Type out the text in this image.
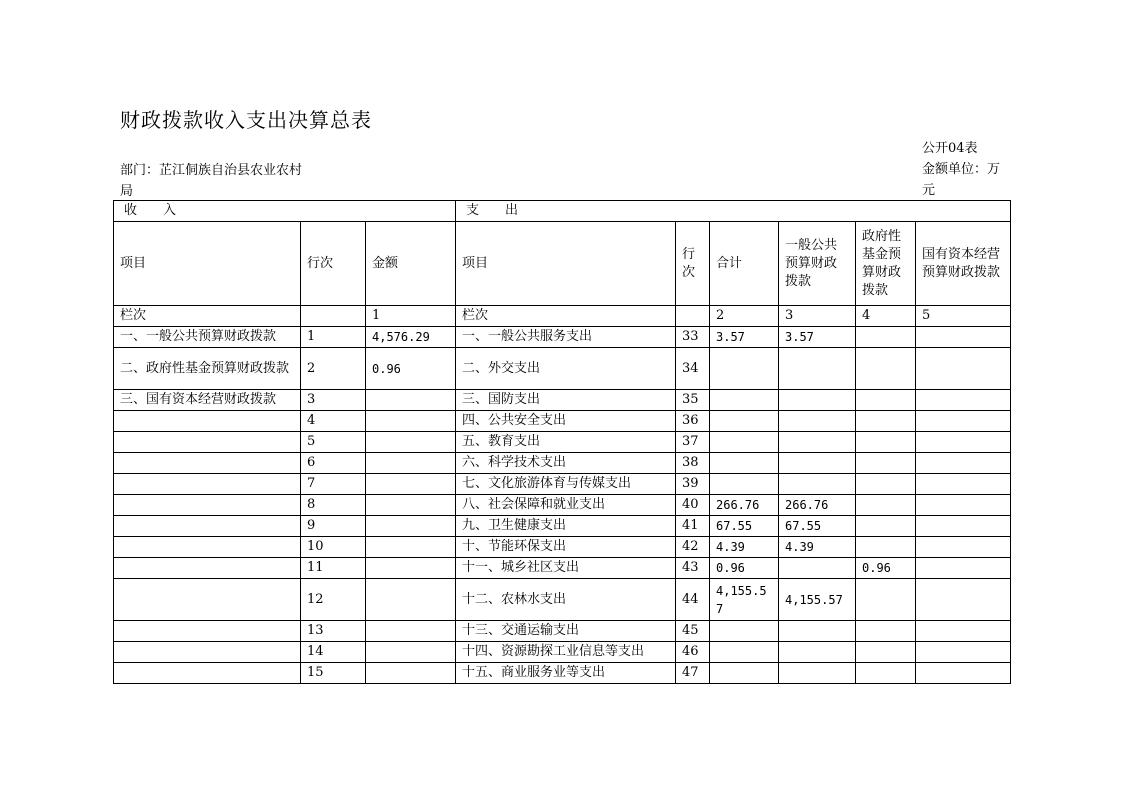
财政拨款收入支出决算总表
部门：芷江侗族自治县农业农村局
公开04表
金额单位：万元
收　　入			支　　出					
项目	行次	金额	项目	行次	合计	一般公共预算财政拨款	政府性基金预算财政拨款	国有资本经营预算财政拨款
栏次		1	栏次		2	3	4	5
一、一般公共预算财政拨款	1	4,576.29	一、一般公共服务支出	33	3.57	3.57		
二、政府性基金预算财政拨款	2	0.96	二、外交支出	34				
三、国有资本经营财政拨款	3		三、国防支出	35				
	4		四、公共安全支出	36				
	5		五、教育支出	37				
	6		六、科学技术支出	38				
	7		七、文化旅游体育与传媒支出	39				
	8		八、社会保障和就业支出	40	266.76	266.76		
	9		九、卫生健康支出	41	67.55	67.55		
	10		十、节能环保支出	42	4.39	4.39		
	11		十一、城乡社区支出	43	0.96		0.96	
	12		十二、农林水支出	44	4,155.57	4,155.57		
	13		十三、交通运输支出	45				
	14		十四、资源勘探工业信息等支出	46				
	15		十五、商业服务业等支出	47				
